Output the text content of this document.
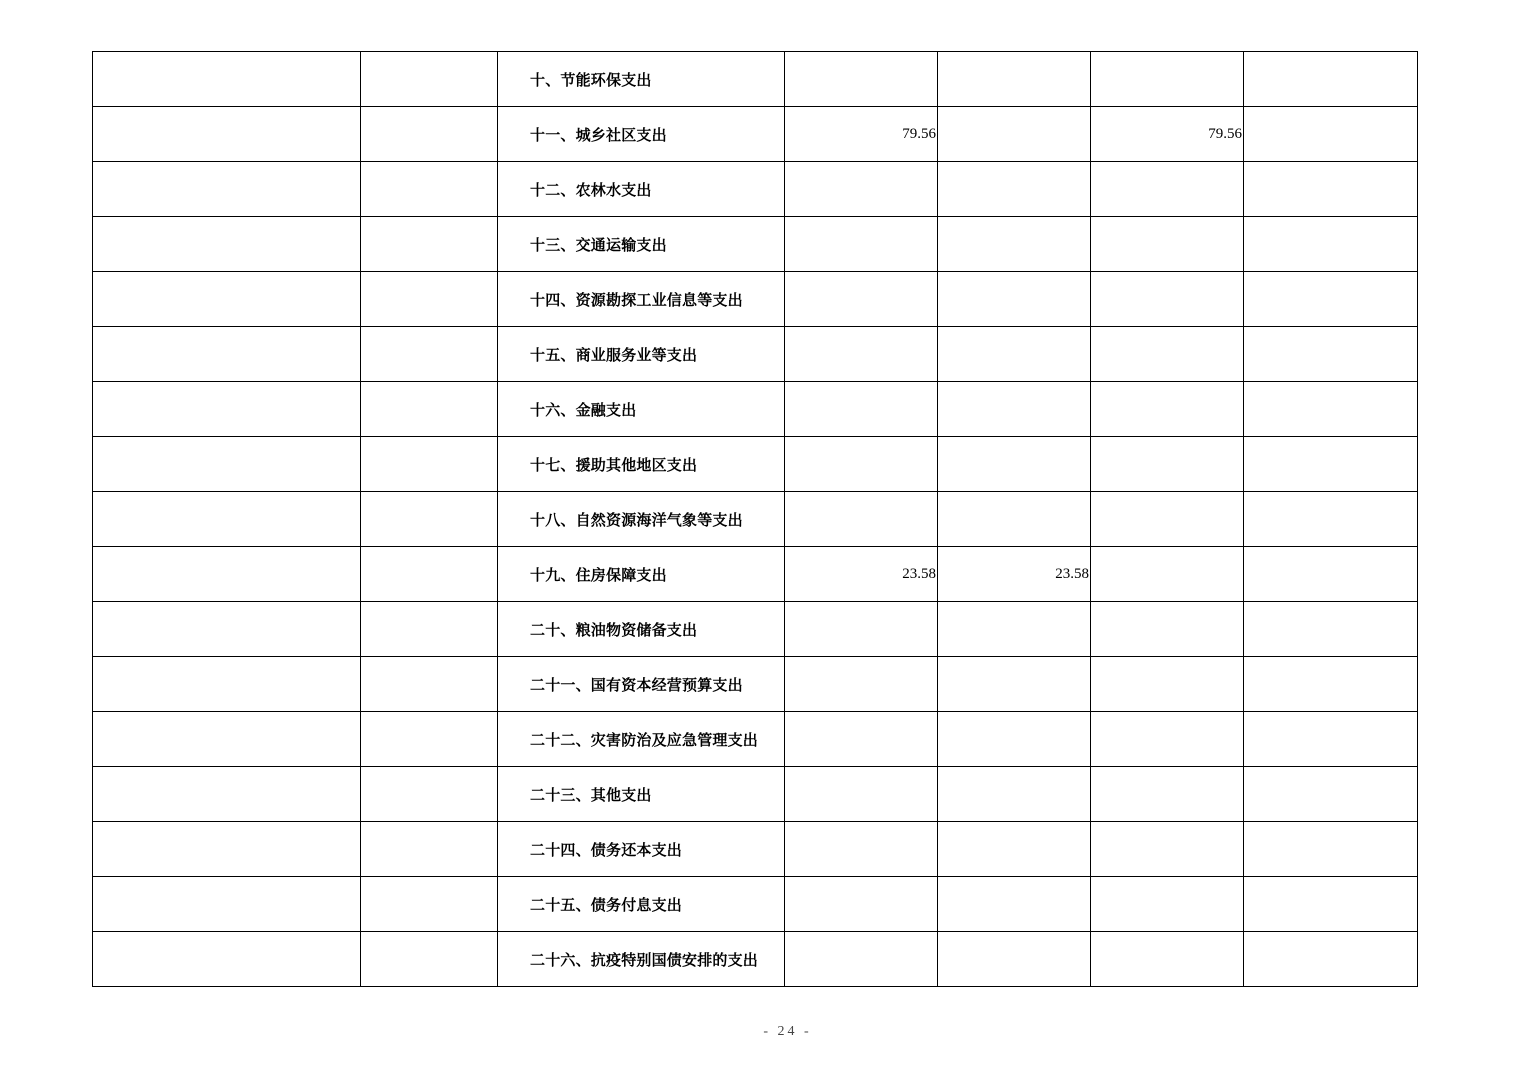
		十、节能环保支出				
		十一、城乡社区支出	79.56		79.56	
		十二、农林水支出				
		十三、交通运输支出				
		十四、资源勘探工业信息等支出				
		十五、商业服务业等支出				
		十六、金融支出				
		十七、援助其他地区支出				
		十八、自然资源海洋气象等支出				
		十九、住房保障支出	23.58	23.58		
		二十、粮油物资储备支出				
		二十一、国有资本经营预算支出				
		二十二、灾害防治及应急管理支出				
		二十三、其他支出				
		二十四、债务还本支出				
		二十五、债务付息支出				
		二十六、抗疫特别国债安排的支出				
- 24 -
